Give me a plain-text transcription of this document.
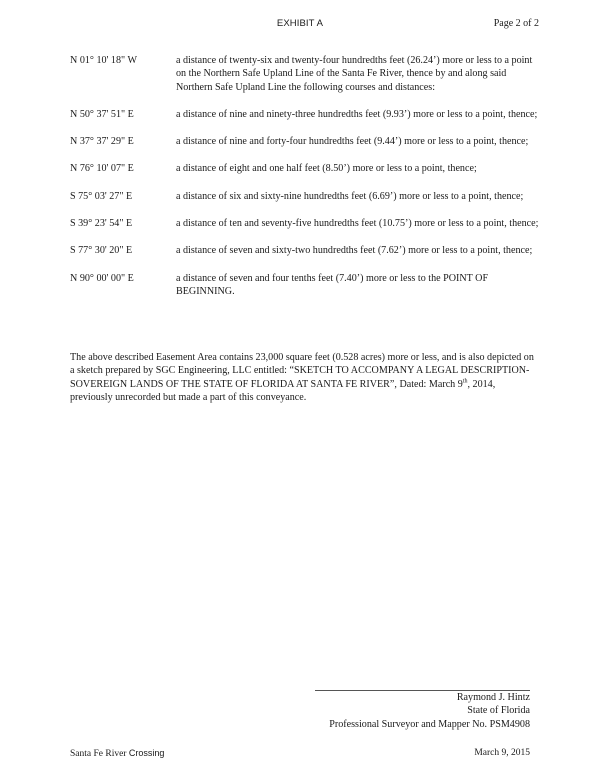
EXHIBIT A	Page 2 of 2
N 01° 10' 18" W	a distance of twenty-six and twenty-four hundredths feet (26.24’) more or less to a point on the Northern Safe Upland Line of the Santa Fe River, thence by and along said Northern Safe Upland Line the following courses and distances:
N 50° 37' 51" E	a distance of nine and ninety-three hundredths feet (9.93’) more or less to a point, thence;
N 37° 37' 29" E	a distance of nine and forty-four hundredths feet (9.44’) more or less to a point, thence;
N 76° 10' 07" E	a distance of eight and one half feet (8.50’) more or less to a point, thence;
S 75° 03' 27" E	a distance of six and sixty-nine hundredths feet (6.69’) more or less to a point, thence;
S 39° 23' 54" E	a distance of ten and seventy-five hundredths feet (10.75’) more or less to a point, thence;
S 77° 30' 20" E	a distance of seven and sixty-two hundredths feet (7.62’) more or less to a point, thence;
N 90° 00' 00" E	a distance of seven and four tenths feet (7.40’) more or less to the POINT OF BEGINNING.
The above described Easement Area contains 23,000 square feet (0.528 acres) more or less, and is also depicted on a sketch prepared by SGC Engineering, LLC entitled: “SKETCH TO ACCOMPANY A LEGAL DESCRIPTION- SOVEREIGN LANDS OF THE STATE OF FLORIDA AT SANTA FE RIVER”, Dated: March 9th, 2014, previously unrecorded but made a part of this conveyance.
Raymond J. Hintz
State of Florida
Professional Surveyor and Mapper No. PSM4908
Santa Fe River Crossing	March 9, 2015
